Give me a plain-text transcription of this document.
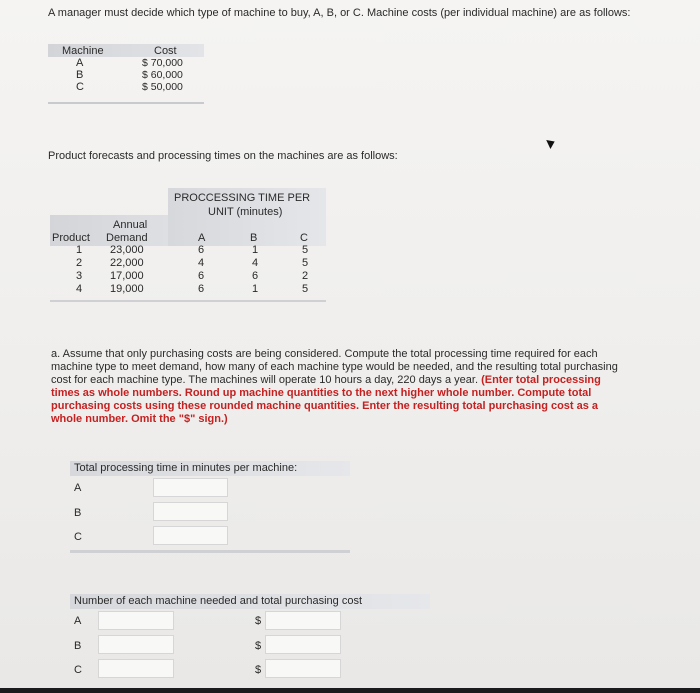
A manager must decide which type of machine to buy, A, B, or C. Machine costs (per individual machine) are as follows:
Machine	Cost
A	$ 70,000
B	$ 60,000
C	$ 50,000
Product forecasts and processing times on the machines are as follows:
PROCCESSING TIME PER
UNIT (minutes)
Annual
Product Demand	A	B	C
1	23,000	6	1	5
2	22,000	4	4	5
3	17,000	6	6	2
4	19,000	6	1	5
a. Assume that only purchasing costs are being considered. Compute the total processing time required for each machine type to meet demand, how many of each machine type would be needed, and the resulting total purchasing cost for each machine type. The machines will operate 10 hours a day, 220 days a year. (Enter total processing times as whole numbers. Round up machine quantities to the next higher whole number. Compute total purchasing costs using these rounded machine quantities. Enter the resulting total purchasing cost as a whole number. Omit the "$" sign.)
Total processing time in minutes per machine:
A
B
C
Number of each machine needed and total purchasing cost
A	$
B	$
C	$
